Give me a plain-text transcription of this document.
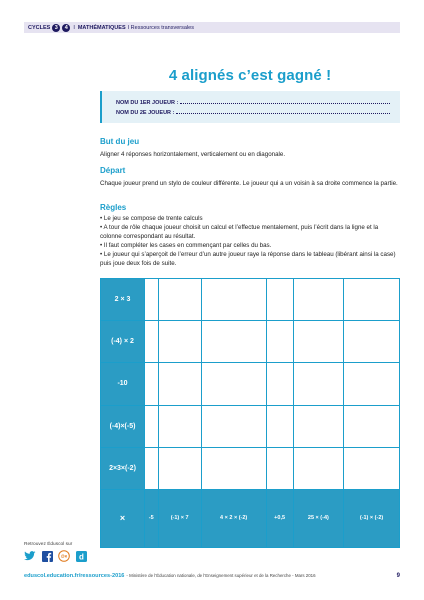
CYCLES 3	4 I MATHÉMATIQUES I Ressources transversales
4 alignés c’est gagné !
NOM DU 1ER JOUEUR :
NOM DU 2E JOUEUR :
But du jeu
Aligner 4 réponses horizontalement, verticalement ou en diagonale.
Départ
Chaque joueur prend un stylo de couleur différente. Le joueur qui a un voisin à sa droite commence la partie.
Règles
• Le jeu se compose de trente calculs
• A tour de rôle chaque joueur choisit un calcul et l’effectue mentalement, puis l’écrit dans la ligne et la colonne correspondant au résultat.
• Il faut compléter les cases en commençant par celles du bas.
• Le joueur qui s’aperçoit de l’erreur d’un autre joueur raye la réponse dans le tableau (libérant ainsi la case) puis joue deux fois de suite.
2 × 3						
(-4) × 2						
-10						
(-4)×(-5)						
2×3×(-2)						
×	-5	(-1) × 7	4 × 2 × (-2)	+0,5	25 × (-4)	(-1) × (-2)
Retrouvez Éduscol sur
@e d
eduscol.education.fr/ressources-2016 - Ministère de l’Éducation nationale, de l’Enseignement supérieur et de la Recherche - Mars 2016	9
